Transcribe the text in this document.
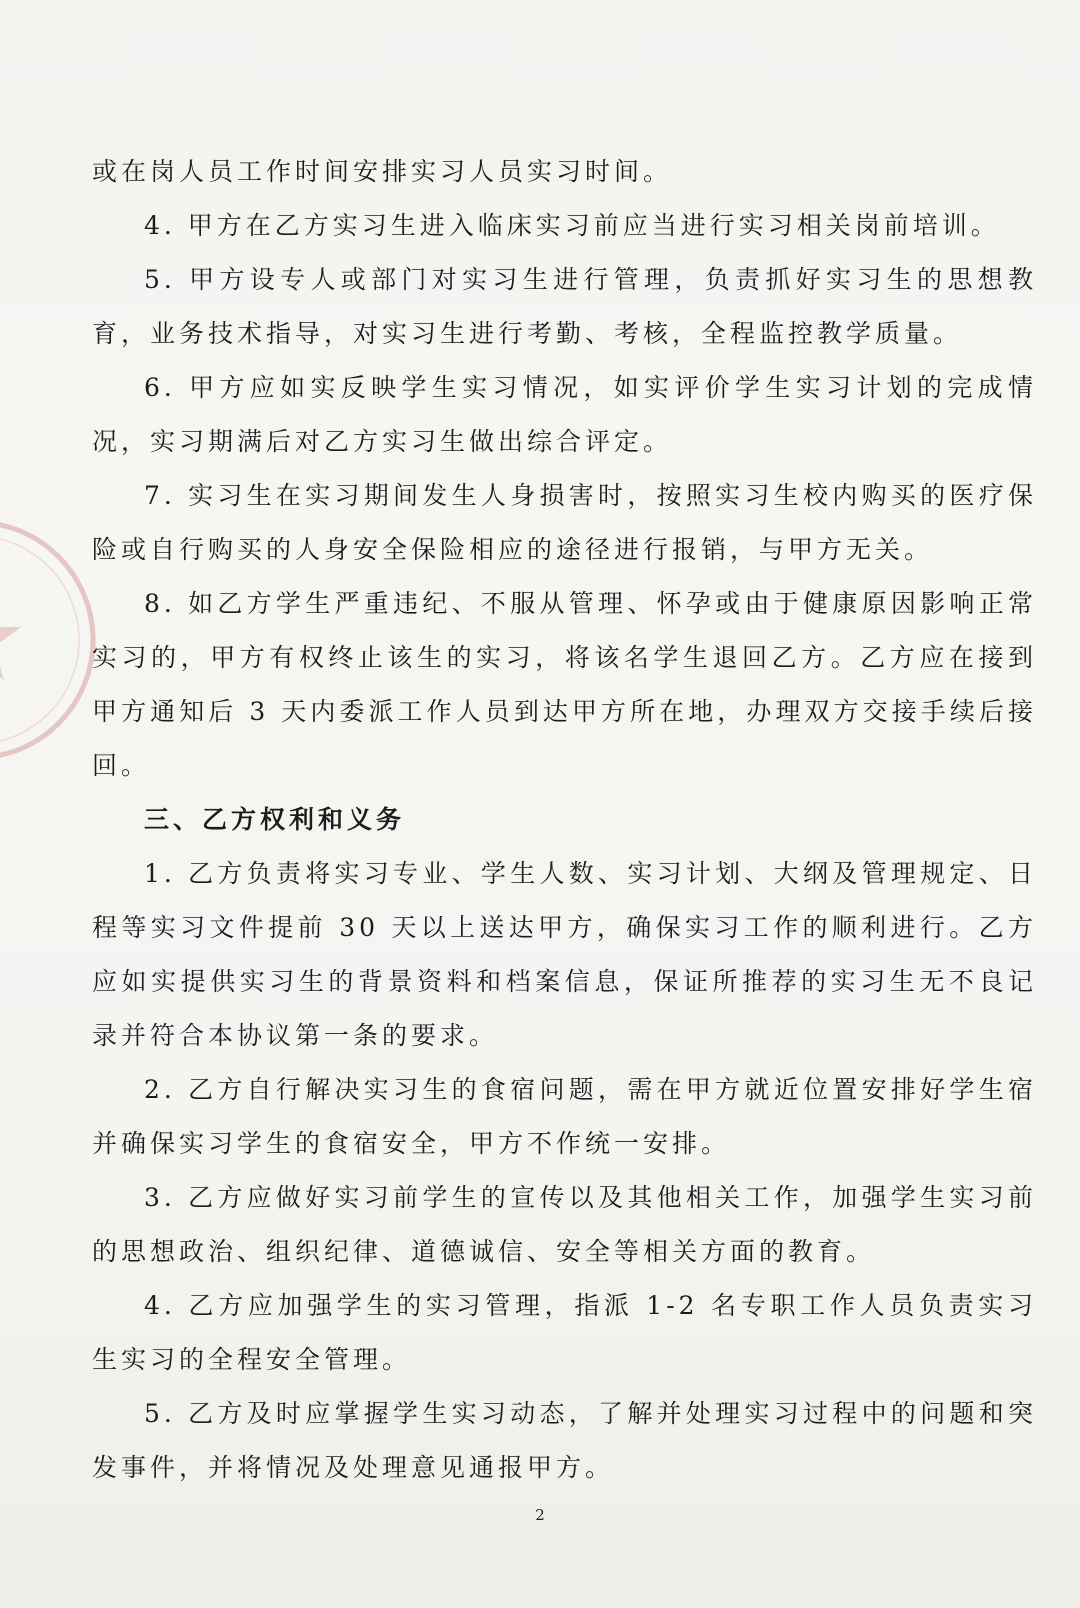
或在岗人员工作时间安排实习人员实习时间。

4. 甲方在乙方实习生进入临床实习前应当进行实习相关岗前培训。

5. 甲方设专人或部门对实习生进行管理，负责抓好实习生的思想教育，业务技术指导，对实习生进行考勤、考核，全程监控教学质量。

6. 甲方应如实反映学生实习情况，如实评价学生实习计划的完成情况，实习期满后对乙方实习生做出综合评定。

7. 实习生在实习期间发生人身损害时，按照实习生校内购买的医疗保险或自行购买的人身安全保险相应的途径进行报销，与甲方无关。

8. 如乙方学生严重违纪、不服从管理、怀孕或由于健康原因影响正常实习的，甲方有权终止该生的实习，将该名学生退回乙方。乙方应在接到甲方通知后 3 天内委派工作人员到达甲方所在地，办理双方交接手续后接回。

三、乙方权利和义务

1. 乙方负责将实习专业、学生人数、实习计划、大纲及管理规定、日程等实习文件提前 30 天以上送达甲方，确保实习工作的顺利进行。乙方应如实提供实习生的背景资料和档案信息，保证所推荐的实习生无不良记录并符合本协议第一条的要求。

2. 乙方自行解决实习生的食宿问题，需在甲方就近位置安排好学生宿并确保实习学生的食宿安全，甲方不作统一安排。

3. 乙方应做好实习前学生的宣传以及其他相关工作，加强学生实习前的思想政治、组织纪律、道德诚信、安全等相关方面的教育。

4. 乙方应加强学生的实习管理，指派 1-2 名专职工作人员负责实习生实习的全程安全管理。

5. 乙方及时应掌握学生实习动态，了解并处理实习过程中的问题和突发事件，并将情况及处理意见通报甲方。

2
